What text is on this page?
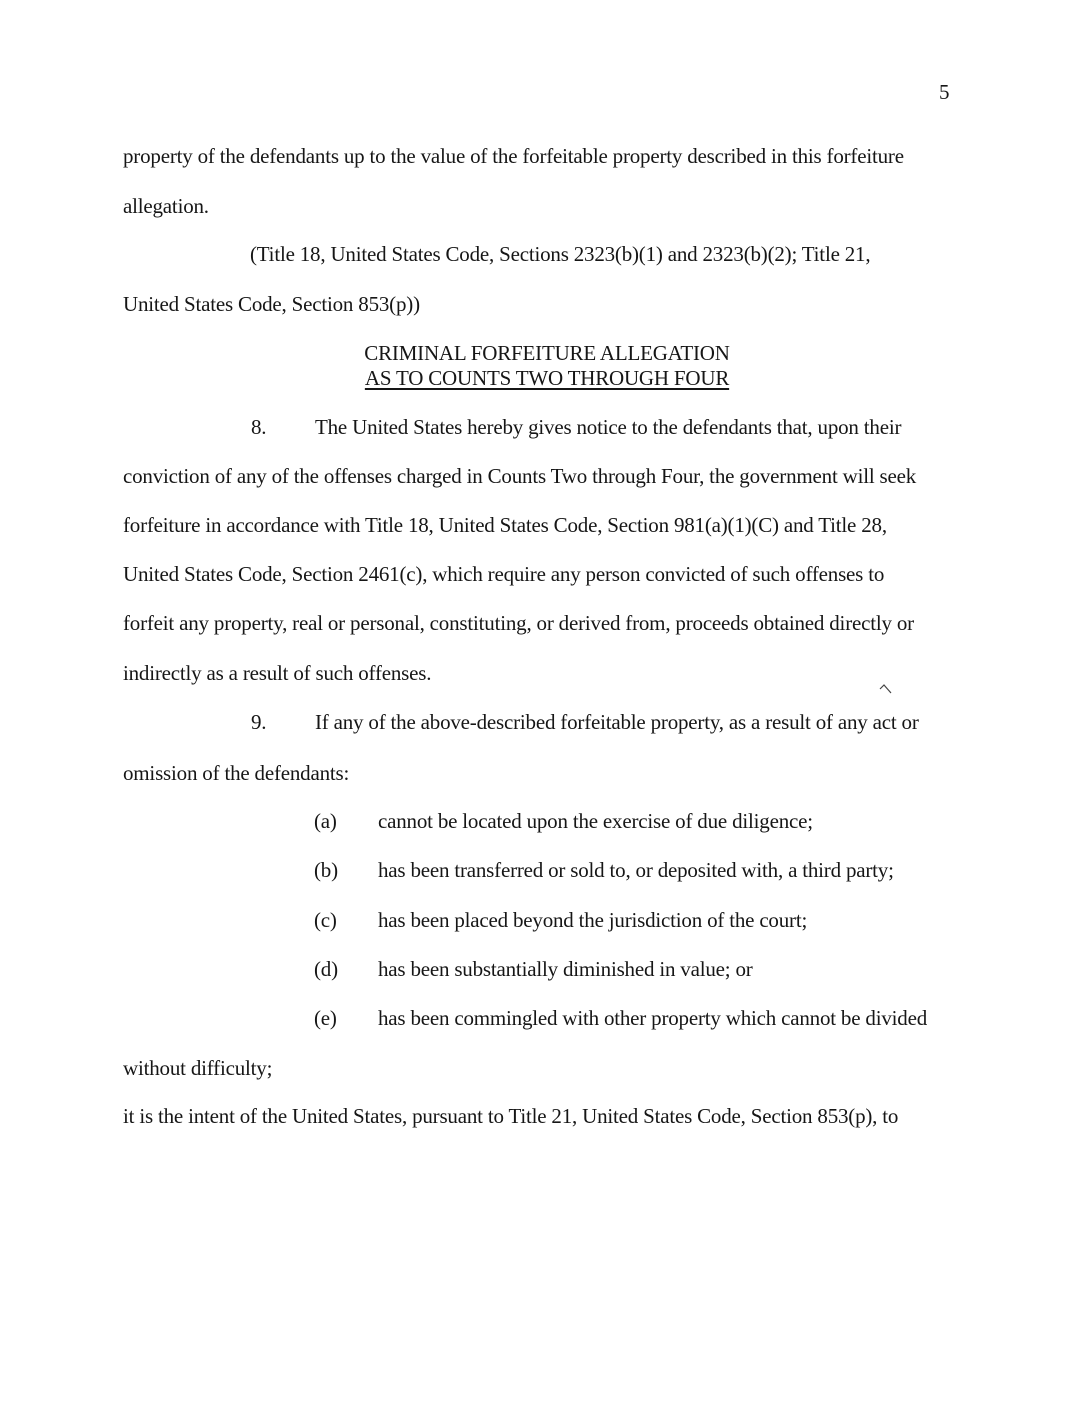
5
property of the defendants up to the value of the forfeitable property described in this forfeiture
allegation.
(Title 18, United States Code, Sections 2323(b)(1) and 2323(b)(2); Title 21,
United States Code, Section 853(p))
CRIMINAL FORFEITURE ALLEGATION
AS TO COUNTS TWO THROUGH FOUR
8. The United States hereby gives notice to the defendants that, upon their
conviction of any of the offenses charged in Counts Two through Four, the government will seek
forfeiture in accordance with Title 18, United States Code, Section 981(a)(1)(C) and Title 28,
United States Code, Section 2461(c), which require any person convicted of such offenses to
forfeit any property, real or personal, constituting, or derived from, proceeds obtained directly or
indirectly as a result of such offenses.
9. If any of the above-described forfeitable property, as a result of any act or
omission of the defendants:
(a) cannot be located upon the exercise of due diligence;
(b) has been transferred or sold to, or deposited with, a third party;
(c) has been placed beyond the jurisdiction of the court;
(d) has been substantially diminished in value; or
(e) has been commingled with other property which cannot be divided
without difficulty;
it is the intent of the United States, pursuant to Title 21, United States Code, Section 853(p), to
